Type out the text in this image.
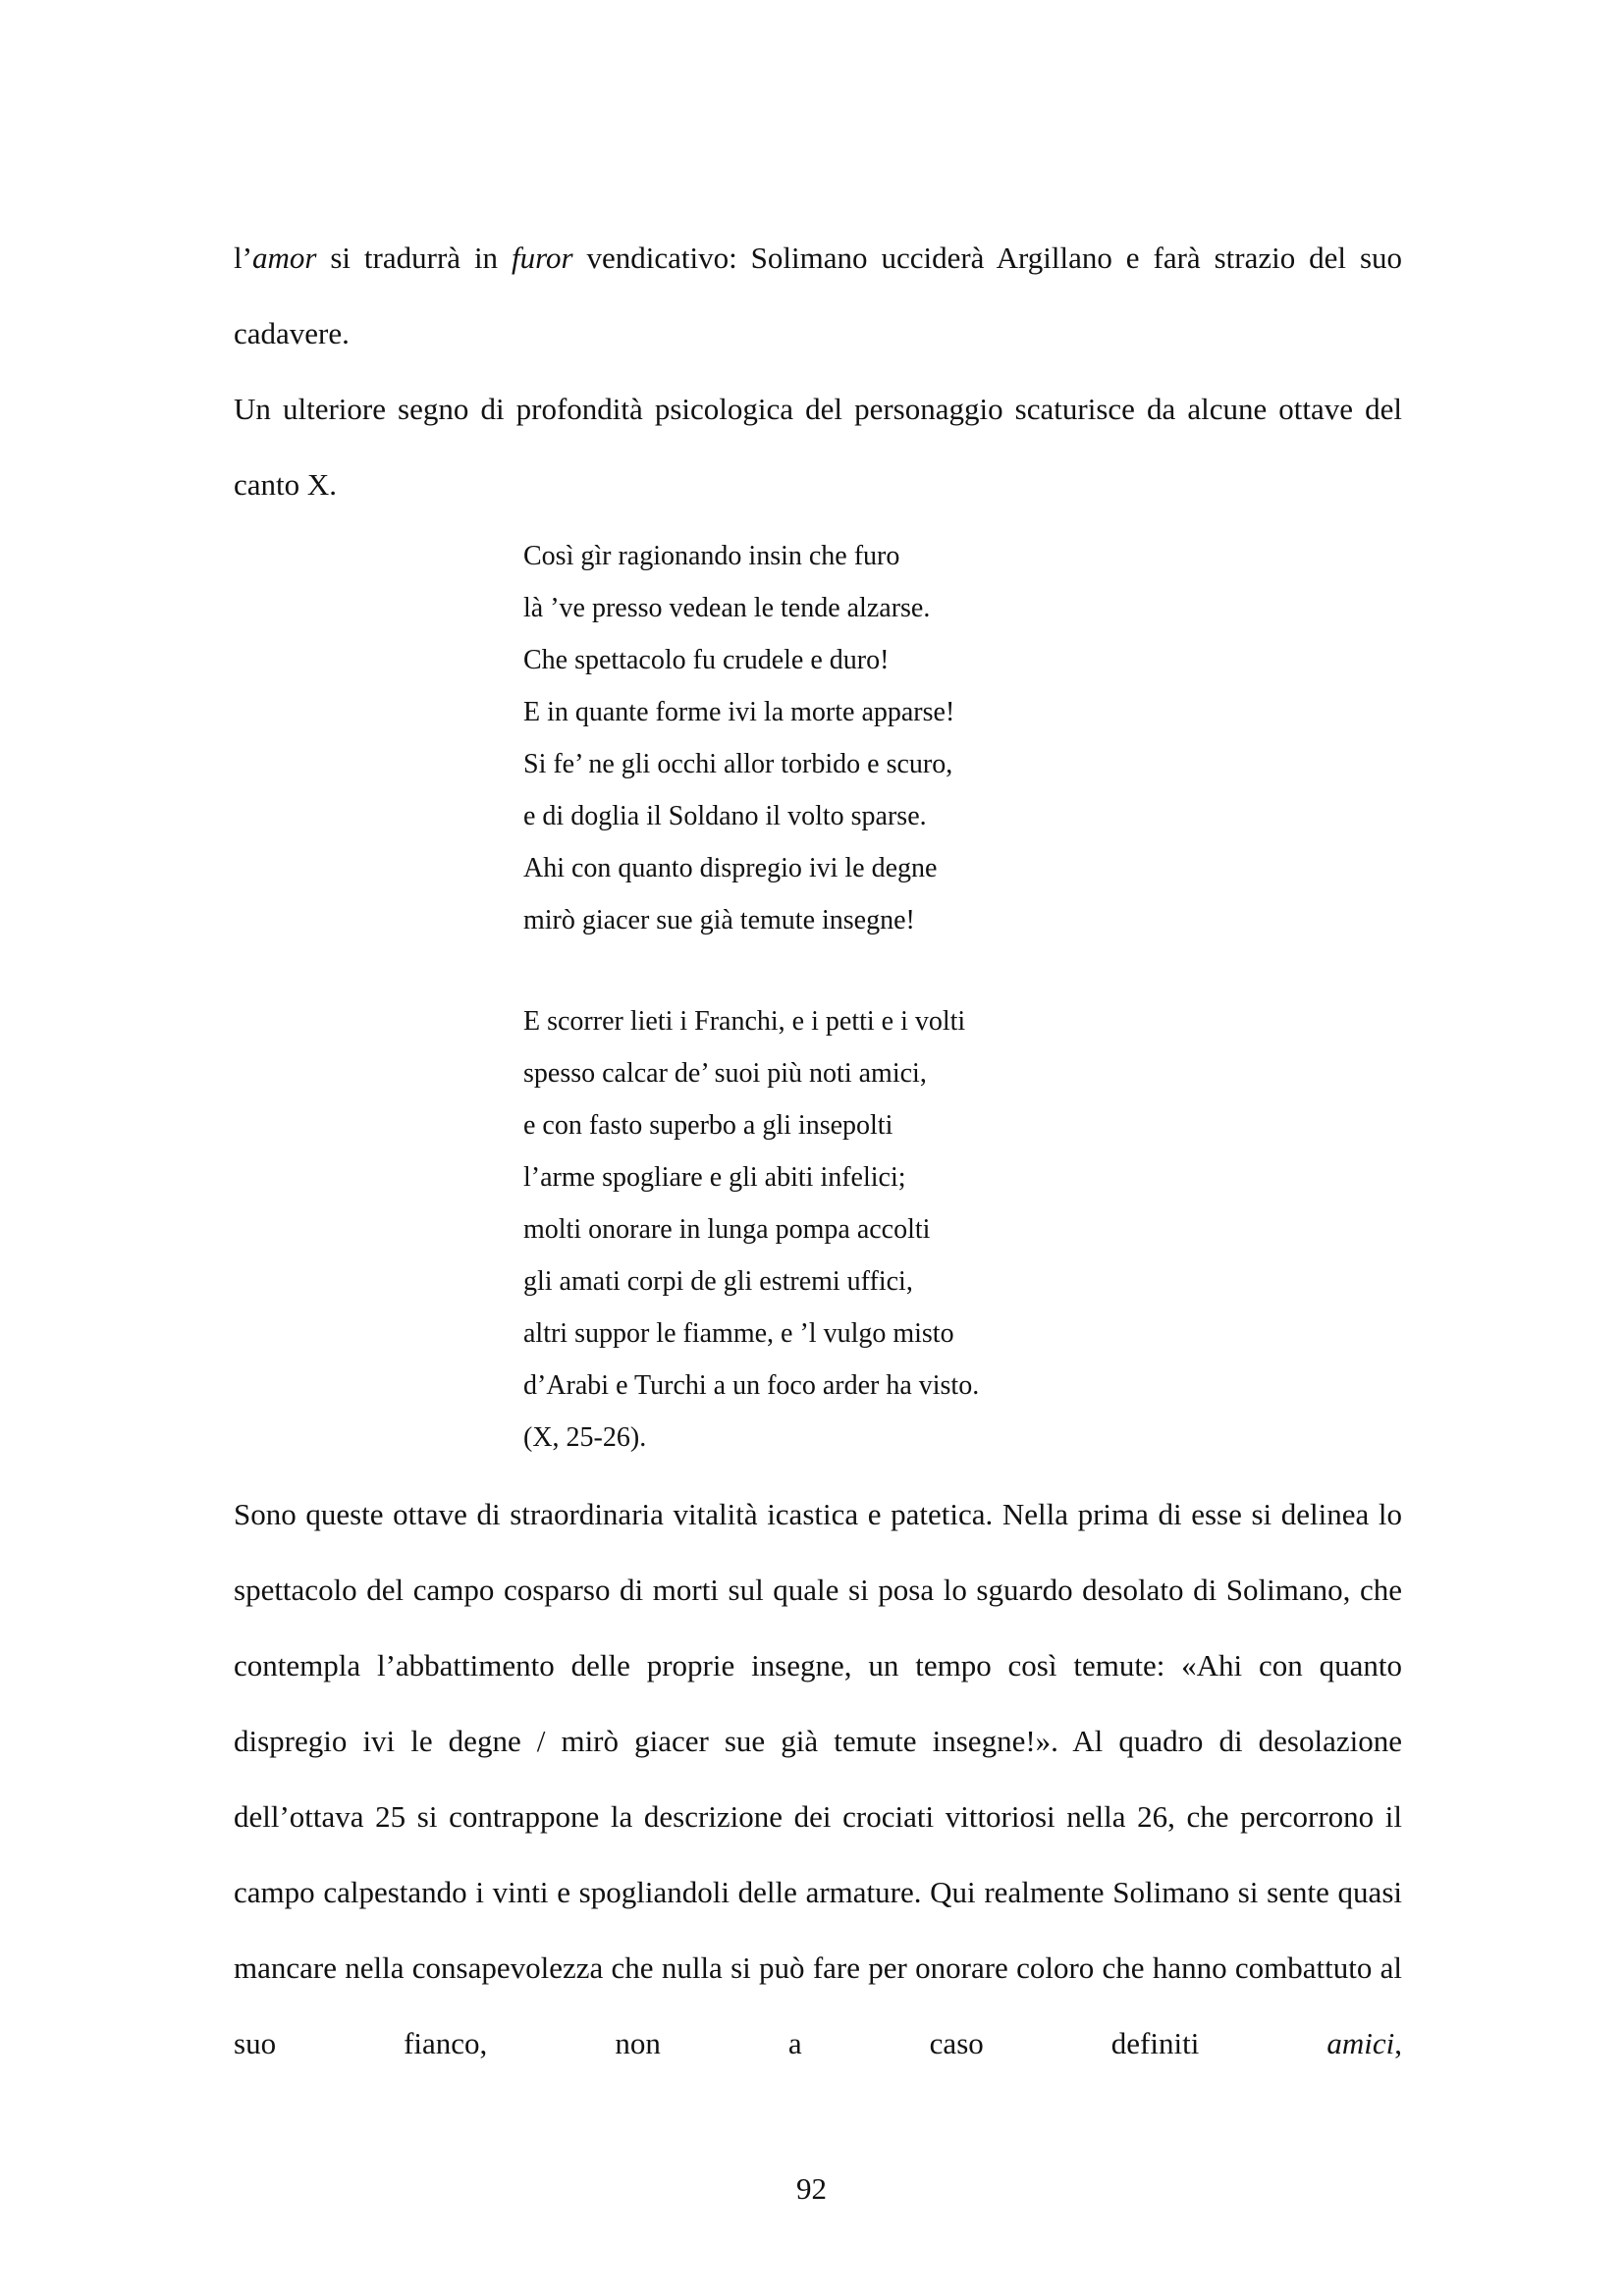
l’amor si tradurrà in furor vendicativo: Solimano ucciderà Argillano e farà strazio del suo cadavere.

Un ulteriore segno di profondità psicologica del personaggio scaturisce da alcune ottave del canto X.

Così gìr ragionando insin che furo
là ’ve presso vedean le tende alzarse.
Che spettacolo fu crudele e duro!
E in quante forme ivi la morte apparse!
Si fe’ ne gli occhi allor torbido e scuro,
e di doglia il Soldano il volto sparse.
Ahi con quanto dispregio ivi le degne
mirò giacer sue già temute insegne!
E scorrer lieti i Franchi, e i petti e i volti
spesso calcar de’ suoi più noti amici,
e con fasto superbo a gli insepolti
l’arme spogliare e gli abiti infelici;
molti onorare in lunga pompa accolti
gli amati corpi de gli estremi uffici,
altri suppor le fiamme, e ’l vulgo misto
d’Arabi e Turchi a un foco arder ha visto.
(X, 25-26).

Sono queste ottave di straordinaria vitalità icastica e patetica. Nella prima di esse si delinea lo spettacolo del campo cosparso di morti sul quale si posa lo sguardo desolato di Solimano, che contempla l’abbattimento delle proprie insegne, un tempo così temute: «Ahi con quanto dispregio ivi le degne / mirò giacer sue già temute insegne!». Al quadro di desolazione dell’ottava 25 si contrappone la descrizione dei crociati vittoriosi nella 26, che percorrono il campo calpestando i vinti e spogliandoli delle armature. Qui realmente Solimano si sente quasi mancare nella consapevolezza che nulla si può fare per onorare coloro che hanno combattuto al suo fianco, non a caso definiti amici,

92
